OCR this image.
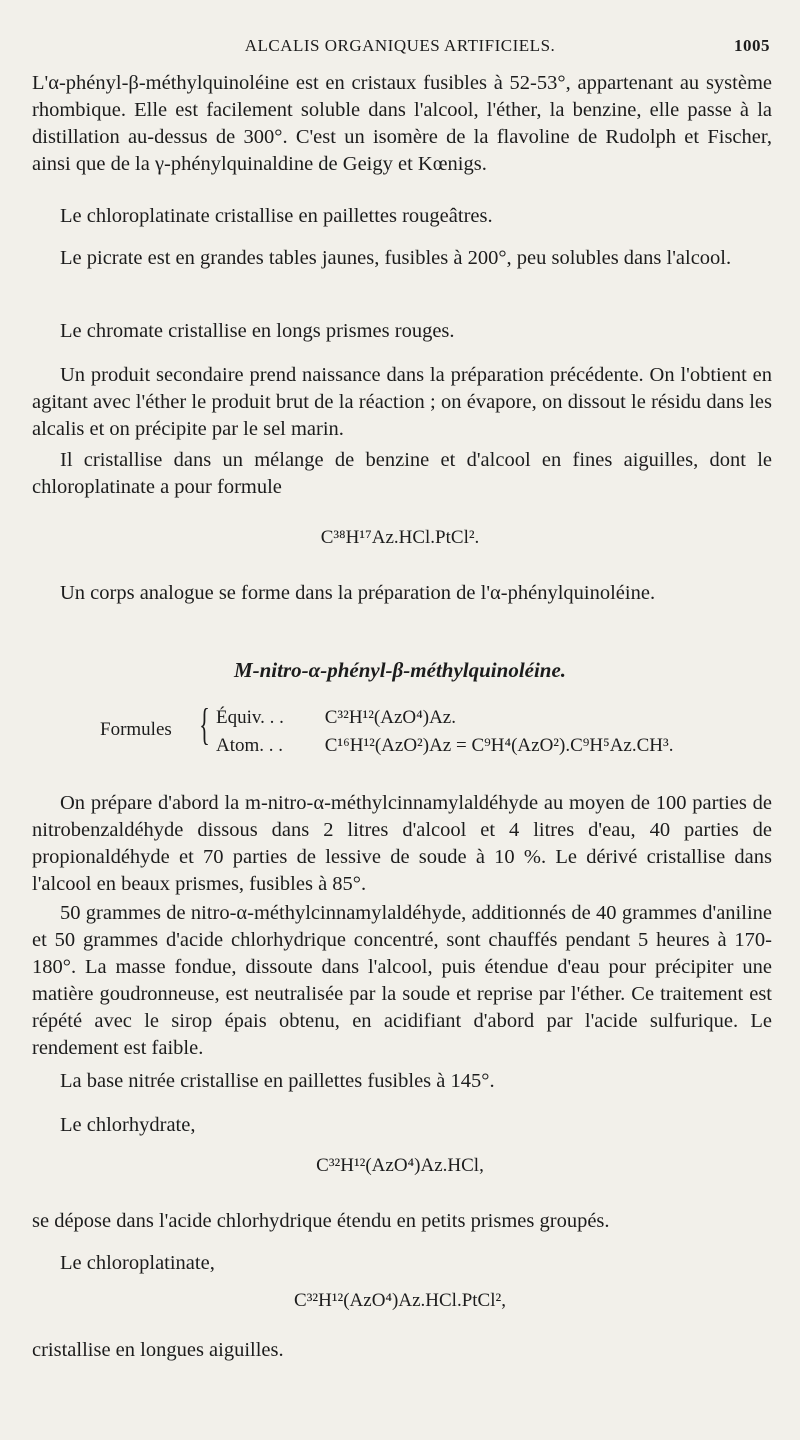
ALCALIS ORGANIQUES ARTIFICIELS.	1005
L'α-phényl-β-méthylquinoléine est en cristaux fusibles à 52-53°, appartenant au système rhombique. Elle est facilement soluble dans l'alcool, l'éther, la benzine, elle passe à la distillation au-dessus de 300°. C'est un isomère de la flavoline de Rudolph et Fischer, ainsi que de la γ-phénylquinaldine de Geigy et Kœnigs.
Le chloroplatinate cristallise en paillettes rougeâtres.
Le picrate est en grandes tables jaunes, fusibles à 200°, peu solubles dans l'alcool.
Le chromate cristallise en longs prismes rouges.
Un produit secondaire prend naissance dans la préparation précédente. On l'obtient en agitant avec l'éther le produit brut de la réaction ; on évapore, on dissout le résidu dans les alcalis et on précipite par le sel marin.
Il cristallise dans un mélange de benzine et d'alcool en fines aiguilles, dont le chloroplatinate a pour formule
C³⁸H¹⁷Az.HCl.PtCl².
Un corps analogue se forme dans la préparation de l'α-phénylquinoléine.
M-nitro-α-phényl-β-méthylquinoléine.
Formules { Équiv. . . C³²H¹²(AzO⁴)Az.
Atom. . . C¹⁶H¹²(AzO²)Az = C⁹H⁴(AzO²).C⁹H⁵Az.CH³.
On prépare d'abord la m-nitro-α-méthylcinnamylaldéhyde au moyen de 100 parties de nitrobenzaldéhyde dissous dans 2 litres d'alcool et 4 litres d'eau, 40 parties de propionaldéhyde et 70 parties de lessive de soude à 10 %. Le dérivé cristallise dans l'alcool en beaux prismes, fusibles à 85°.
50 grammes de nitro-α-méthylcinnamylaldéhyde, additionnés de 40 grammes d'aniline et 50 grammes d'acide chlorhydrique concentré, sont chauffés pendant 5 heures à 170-180°. La masse fondue, dissoute dans l'alcool, puis étendue d'eau pour précipiter une matière goudronneuse, est neutralisée par la soude et reprise par l'éther. Ce traitement est répété avec le sirop épais obtenu, en acidifiant d'abord par l'acide sulfurique. Le rendement est faible.
La base nitrée cristallise en paillettes fusibles à 145°.
Le chlorhydrate,
C³²H¹²(AzO⁴)Az.HCl,
se dépose dans l'acide chlorhydrique étendu en petits prismes groupés.
Le chloroplatinate,
C³²H¹²(AzO⁴)Az.HCl.PtCl²,
cristallise en longues aiguilles.
